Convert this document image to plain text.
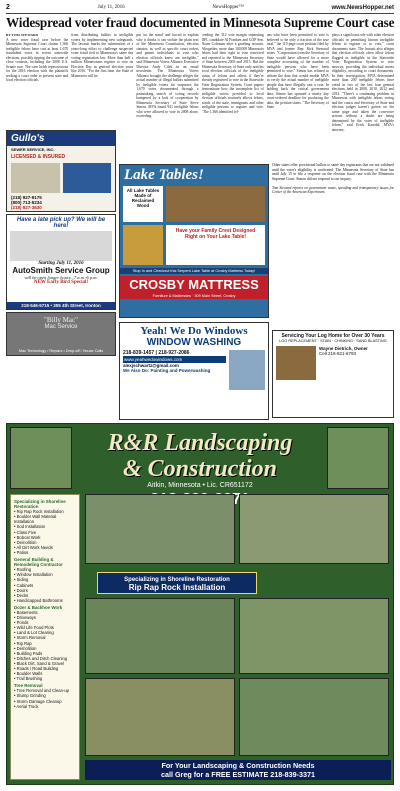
2	July 11, 2016	NewsHopper™	www.NewsHopper.net
Widespread voter fraud documented in Minnesota Supreme Court case
BY TOM STEWARD
A new voter fraud case before the Minnesota Supreme Court claims 1,366 ineligible felons have cast at least 1,670 fraudulent votes in recent statewide elections, possibly tipping the outcome of close contests, including the 2008 U.S. Senate race. The case holds repercussions for the 2016 election with the plaintiffs seeking a court order to prevent state and local election officials
from distributing ballots to ineligible voters by implementing new safeguards. The lawsuit marks the culmination of a years-long effort to challenge suspected voter fraud tied to Minnesota's same day voting registration law. More than half a million Minnesotans register to vote on Election Day in general election years like 2016. "For the first time, the State of Minnesota will be
put 'on the stand' and forced to explain why it thinks it can violate the plain text of the Minnesota Constitution, election statutes, as well as specific court orders and permit individuals to vote who election officials know are ineligible," said Minnesota Voters Alliance Executive Director Andy Cilek in an email newsletter. The Minnesota Voters Alliance brought the challenge alleges the actual number of illegal ballots submitted by ineligible voters far surpasses the 1,670 votes documented through a painstaking search of voting records hampered by a lack of cooperation by Minnesota Secretary of State Steve Simon. MVA found 941 ineligible felons who were allowed to vote in 2008 alone, exceeding
ceeding the 312 vote margin separating DFL candidate Al Franken and GOP Sen. Norm Coleman after a grueling recount. Altogether, more than 100,000 Minnesota felons had their right to vote restricted and reported to the Minnesota Secretary of State between 2003 and 2015. But the Minnesota Secretary of State only notifies local election officials of the ineligible status of felons and others if they're already registered to vote in the Statewide Voter Registration System. Court papers demonstrate how the incomplete list of ineligible voters provided to local election officials routinely allows felons, wards of the state, immigrants and other ineligible persons to register and vote. "The 1,366 identified fel-
ons who have been permitted to vote is believed to be only a fraction of the true total," the 110 page court petition filed by MVA and former Rep. Kirk Stensrud states. "Cooperation from the Secretary of State would have allowed for a more complete accounting of the number of ineligible persons who have been permitted to vote." Simon has refused to release the data that would enable MVA to verify the actual number of ineligible people that have illegally cast a vote. In holding back the critical government data, Simon has spurned a ninety day court-ordered deadline for producing the data, the petition states. "The Secretary of State
plays a significant role with other election officials in permitting known ineligible felons to register or to vote," court documents state. The lawsuit also alleges that election officials often allow felons flagged as ineligible in the Statewide Voter Registration System to vote anyway, providing the individual meets eligibility, according to court documents. In their investigation, MVA determined more than 200 ineligible felons have voted in two of the last four general elections held in 2008, 2010, 2012 and 2014. "There's a continuing problem in Minnesota with ineligible felons voting and the courts and Secretary of State and election judges haven't gotten on the same page and taken the corrective actions without a doubt are being determined by the votes of ineligible felons," said Erick Kaardal, MVA's attorney.
Gullo's
SEWER SERVICE, INC.
LICENSED & INSURED
(218) 927-9175
(800) 713-5234
(218) 927-3630
Have a late pick up? We will be here!
Starting July 11, 2016
AutoSmith Service Group
will be open longer hours...7 a.m.-6 p.m.
NEW Early Bird Special!
218-546-5715 • 305 4th Street, Ironton
"Billy Mac"
Mac Service
Mac Technology / Repairs • Drop-off / House Calls
Lake Tables!
All Lake Tables Made of Reclaimed Wood
Have your Family Crest Designed Right on Your Lake Table!
Stop In and Checkout this Serpent Lake Table at Crosby Mattress Today!
CROSBY MATTRESS
Furniture & Mattresses · 309 Main Street, Crosby
Other states offer provisional ballots to same day registrants that are not validated until the voter's eligibility is confirmed. The Minnesota Secretary of State has until July 15 to file a response on the election fraud case with the Minnesota Supreme Court. Simon did not respond to our inquiry.

Tom Steward reports on government waste, spending and transparency issues for Center of the American Experiment.
Yeah! We Do Windows
WINDOW WASHING
218-839-1457 | 218-927-2086
www.yeahwedowindows.com
alexjschwartz@gmail.com
We Also Do: Painting and Powerwashing
Servicing Your Log Home for Over 30 Years
LOG REPLACEMENT · STAIN · CHINKING · SAND BLASTING
Wayne Dietrich, Owner
Cell 218-821-6793
R&R Landscaping
& Construction
Aitkin, Minnesota • Lic. CR651172
Specializing in Shoreline Restoration
• Rip Rap Rock Installation
• Boulder Wall Material Installation
• Sod Installation
• Class Five
• Bobcat Work
• Demolition
• All Dirt Work Needs
• Patios
General Building & Remodeling Contractor
• Roofing
• Window Installation
• Siding
• Cabinets
• Doors
• Decks
• Handicapped Bathrooms
Dozer & Backhoe Work
• Basements
• Driveways
• Ponds
• Wild Life Food Plots
• Land & Lot Clearing
• Storm Removal
• Rip Rap
• Demolition
• Building Pads
• Ditches and Ditch Cleaning
• Black Dirt, Sand & Gravel
• Roads / Road Building
• Boulder Walls
• Trail Brushing
Tree Removal
• Tree Removal and Clean-up
• Stump Grinding
• Storm Damage Cleanup
• Aerial Truck
Specializing in Shoreline Restoration
Rip Rap Rock Installation
For Your Landscaping & Construction Needs
call Greg for a FREE ESTIMATE 218-839-3371
